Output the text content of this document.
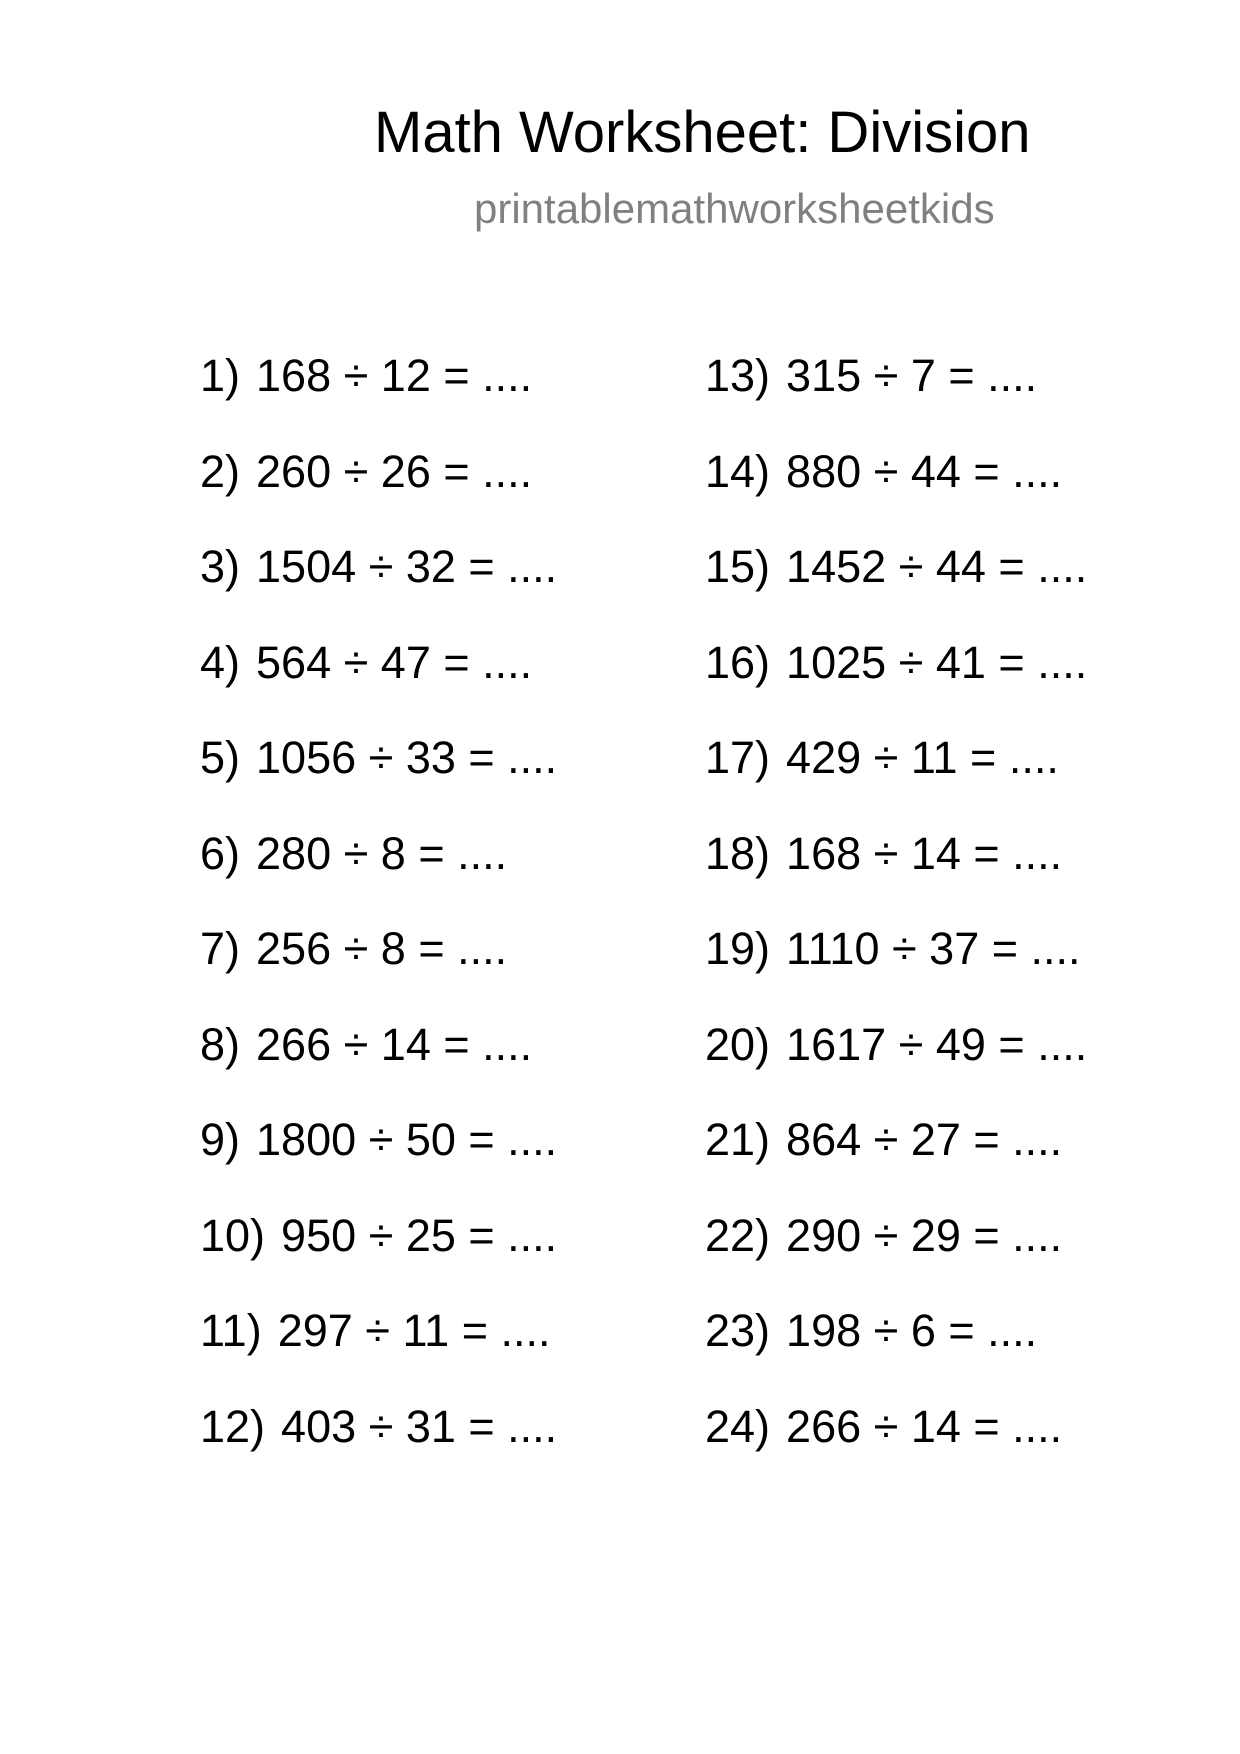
Math Worksheet: Division
printablemathworksheetkids
1) 168 ÷ 12 = ....
2) 260 ÷ 26 = ....
3) 1504 ÷ 32 = ....
4) 564 ÷ 47 = ....
5) 1056 ÷ 33 = ....
6) 280 ÷ 8 = ....
7) 256 ÷ 8 = ....
8) 266 ÷ 14 = ....
9) 1800 ÷ 50 = ....
10) 950 ÷ 25 = ....
11) 297 ÷ 11 = ....
12) 403 ÷ 31 = ....
13) 315 ÷ 7 = ....
14) 880 ÷ 44 = ....
15) 1452 ÷ 44 = ....
16) 1025 ÷ 41 = ....
17) 429 ÷ 11 = ....
18) 168 ÷ 14 = ....
19) 1110 ÷ 37 = ....
20) 1617 ÷ 49 = ....
21) 864 ÷ 27 = ....
22) 290 ÷ 29 = ....
23) 198 ÷ 6 = ....
24) 266 ÷ 14 = ....
